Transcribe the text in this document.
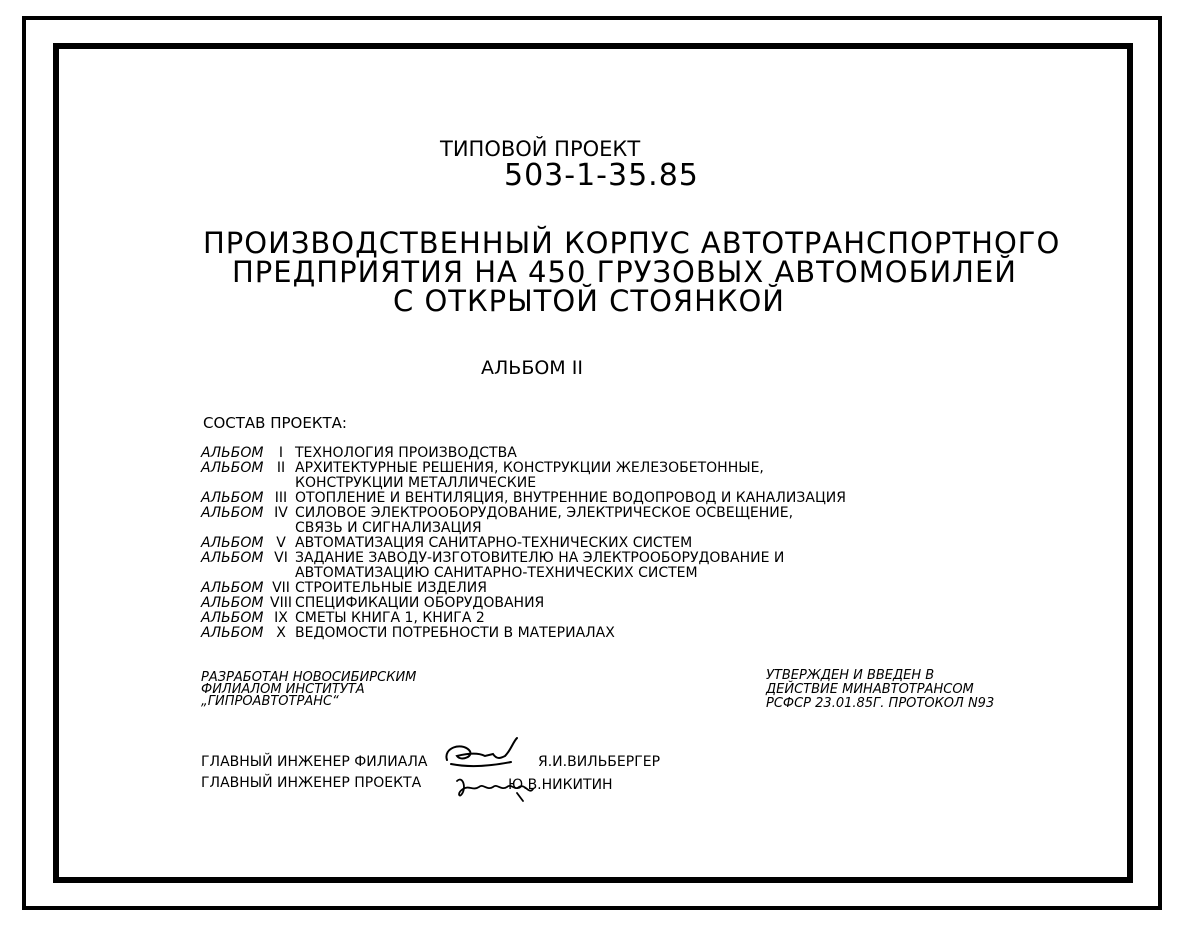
ТИПОВОЙ ПРОЕКТ
503-1-35.85
ПРОИЗВОДСТВЕННЫЙ КОРПУС АВТОТРАНСПОРТНОГО
ПРЕДПРИЯТИЯ НА 450 ГРУЗОВЫХ АВТОМОБИЛЕЙ
С ОТКРЫТОЙ СТОЯНКОЙ
АЛЬБОМ II
СОСТАВ ПРОЕКТА:
АЛЬБОМ	I ТЕХНОЛОГИЯ ПРОИЗВОДСТВА
АЛЬБОМ II АРХИТЕКТУРНЫЕ РЕШЕНИЯ, КОНСТРУКЦИИ ЖЕЛЕЗОБЕТОННЫЕ,
КОНСТРУКЦИИ МЕТАЛЛИЧЕСКИЕ
АЛЬБОМ III ОТОПЛЕНИЕ И ВЕНТИЛЯЦИЯ, ВНУТРЕННИЕ ВОДОПРОВОД И КАНАЛИЗАЦИЯ
АЛЬБОМ IV СИЛОВОЕ ЭЛЕКТРООБОРУДОВАНИЕ, ЭЛЕКТРИЧЕСКОЕ ОСВЕЩЕНИЕ,
СВЯЗЬ И СИГНАЛИЗАЦИЯ
АЛЬБОМ V АВТОМАТИЗАЦИЯ САНИТАРНО-ТЕХНИЧЕСКИХ СИСТЕМ
АЛЬБОМ VI ЗАДАНИЕ ЗАВОДУ-ИЗГОТОВИТЕЛЮ НА ЭЛЕКТРООБОРУДОВАНИЕ И
АВТОМАТИЗАЦИЮ САНИТАРНО-ТЕХНИЧЕСКИХ СИСТЕМ
АЛЬБОМ VII СТРОИТЕЛЬНЫЕ ИЗДЕЛИЯ
АЛЬБОМ VIII СПЕЦИФИКАЦИИ ОБОРУДОВАНИЯ
АЛЬБОМ IX СМЕТЫ КНИГА 1, КНИГА 2
АЛЬБОМ X ВЕДОМОСТИ ПОТРЕБНОСТИ В МАТЕРИАЛАХ
РАЗРАБОТАН НОВОСИБИРСКИМ
ФИЛИАЛОМ ИНСТИТУТА
„ГИПРОАВТОТРАНС“
УТВЕРЖДЕН И ВВЕДЕН В
ДЕЙСТВИЕ МИНАВТОТРАНСОМ
РСФСР 23.01.85Г. ПРОТОКОЛ N93
ГЛАВНЫЙ ИНЖЕНЕР ФИЛИАЛА	Я.И.ВИЛЬБЕРГЕР
ГЛАВНЫЙ ИНЖЕНЕР ПРОЕКТА	Ю.В.НИКИТИН
